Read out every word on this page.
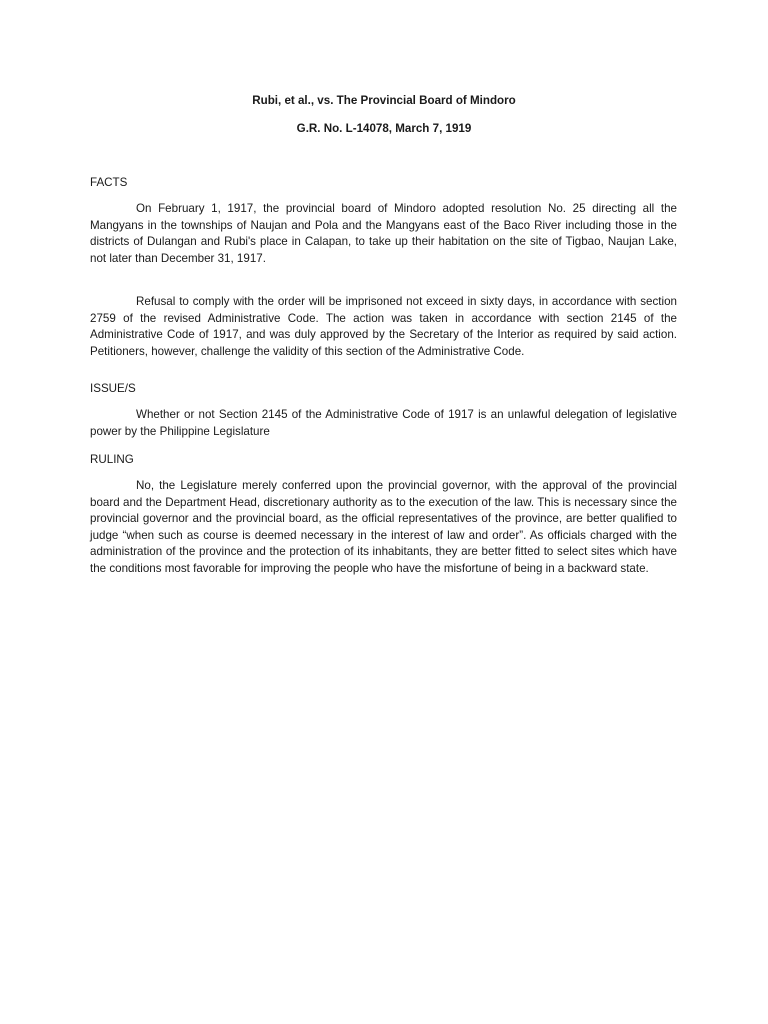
Rubi, et al., vs. The Provincial Board of Mindoro
G.R. No. L-14078, March 7, 1919
FACTS

On February 1, 1917, the provincial board of Mindoro adopted resolution No. 25 directing all the Mangyans in the townships of Naujan and Pola and the Mangyans east of the Baco River including those in the districts of Dulangan and Rubi's place in Calapan, to take up their habitation on the site of Tigbao, Naujan Lake, not later than December 31, 1917.

Refusal to comply with the order will be imprisoned not exceed in sixty days, in accordance with section 2759 of the revised Administrative Code. The action was taken in accordance with section 2145 of the Administrative Code of 1917, and was duly approved by the Secretary of the Interior as required by said action. Petitioners, however, challenge the validity of this section of the Administrative Code.

ISSUE/S

Whether or not Section 2145 of the Administrative Code of 1917 is an unlawful delegation of legislative power by the Philippine Legislature

RULING

No, the Legislature merely conferred upon the provincial governor, with the approval of the provincial board and the Department Head, discretionary authority as to the execution of the law. This is necessary since the provincial governor and the provincial board, as the official representatives of the province, are better qualified to judge “when such as course is deemed necessary in the interest of law and order”. As officials charged with the administration of the province and the protection of its inhabitants, they are better fitted to select sites which have the conditions most favorable for improving the people who have the misfortune of being in a backward state.
